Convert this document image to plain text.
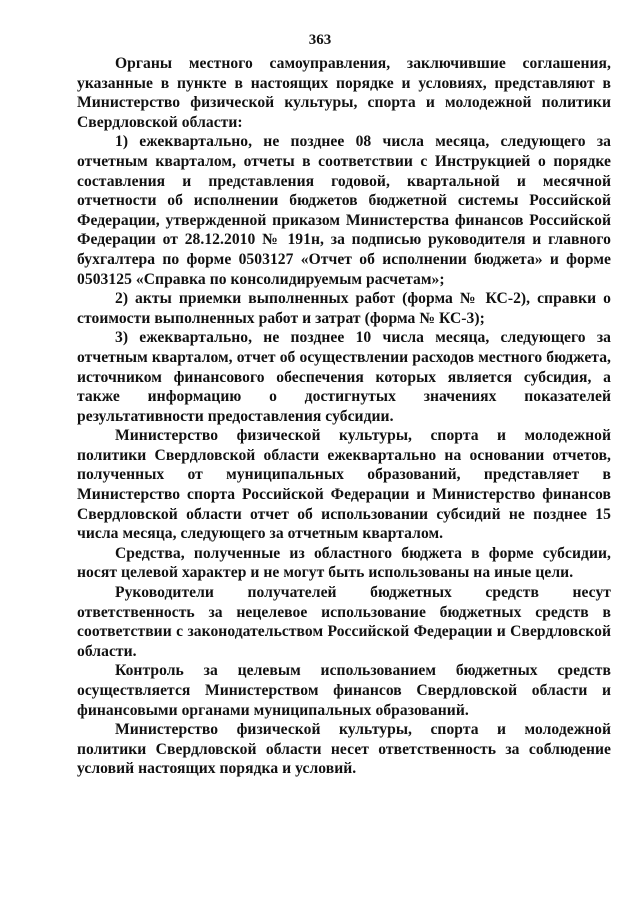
363

Органы местного самоуправления, заключившие соглашения, указанные в пункте в настоящих порядке и условиях, представляют в Министерство физической культуры, спорта и молодежной политики Свердловской области:

1) ежеквартально, не позднее 08 числа месяца, следующего за отчетным кварталом, отчеты в соответствии с Инструкцией о порядке составления и представления годовой, квартальной и месячной отчетности об исполнении бюджетов бюджетной системы Российской Федерации, утвержденной приказом Министерства финансов Российской Федерации от 28.12.2010 № 191н, за подписью руководителя и главного бухгалтера по форме 0503127 «Отчет об исполнении бюджета» и форме 0503125 «Справка по консолидируемым расчетам»;

2) акты приемки выполненных работ (форма № КС-2), справки о стоимости выполненных работ и затрат (форма № КС-3);

3) ежеквартально, не позднее 10 числа месяца, следующего за отчетным кварталом, отчет об осуществлении расходов местного бюджета, источником финансового обеспечения которых является субсидия, а также информацию о достигнутых значениях показателей результативности предоставления субсидии.

Министерство физической культуры, спорта и молодежной политики Свердловской области ежеквартально на основании отчетов, полученных от муниципальных образований, представляет в Министерство спорта Российской Федерации и Министерство финансов Свердловской области отчет об использовании субсидий не позднее 15 числа месяца, следующего за отчетным кварталом.

Средства, полученные из областного бюджета в форме субсидии, носят целевой характер и не могут быть использованы на иные цели.

Руководители получателей бюджетных средств несут ответственность за нецелевое использование бюджетных средств в соответствии с законодательством Российской Федерации и Свердловской области.

Контроль за целевым использованием бюджетных средств осуществляется Министерством финансов Свердловской области и финансовыми органами муниципальных образований.

Министерство физической культуры, спорта и молодежной политики Свердловской области несет ответственность за соблюдение условий настоящих порядка и условий.
